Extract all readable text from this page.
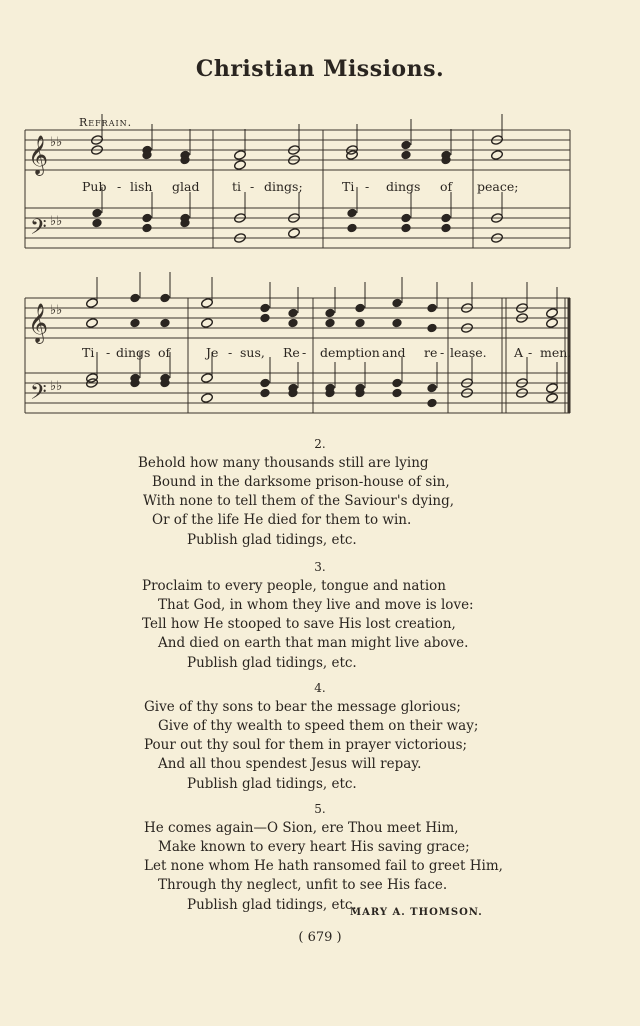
Christian Missions.
Refrain.
𝄞
𝄢
♭♭
♭♭
𝄞
𝄢
♭♭
♭♭
Pub - lish glad	ti - dings;	Ti - dings of peace;
Ti - dings of	Je - sus, Re - demption and re - lease. A - men.
2.
Behold how many thousands still are lying
Bound in the darksome prison-house of sin,
With none to tell them of the Saviour's dying,
Or of the life He died for them to win.
Publish glad tidings, etc.
3.
Proclaim to every people, tongue and nation
That God, in whom they live and move is love:
Tell how He stooped to save His lost creation,
And died on earth that man might live above.
Publish glad tidings, etc.
4.
Give of thy sons to bear the message glorious;
Give of thy wealth to speed them on their way;
Pour out thy soul for them in prayer victorious;
And all thou spendest Jesus will repay.
Publish glad tidings, etc.
5.
He comes again—O Sion, ere Thou meet Him,
Make known to every heart His saving grace;
Let none whom He hath ransomed fail to greet Him,
Through thy neglect, unfit to see His face.
Publish glad tidings, etc.
MARY A. THOMSON.
( 679 )
